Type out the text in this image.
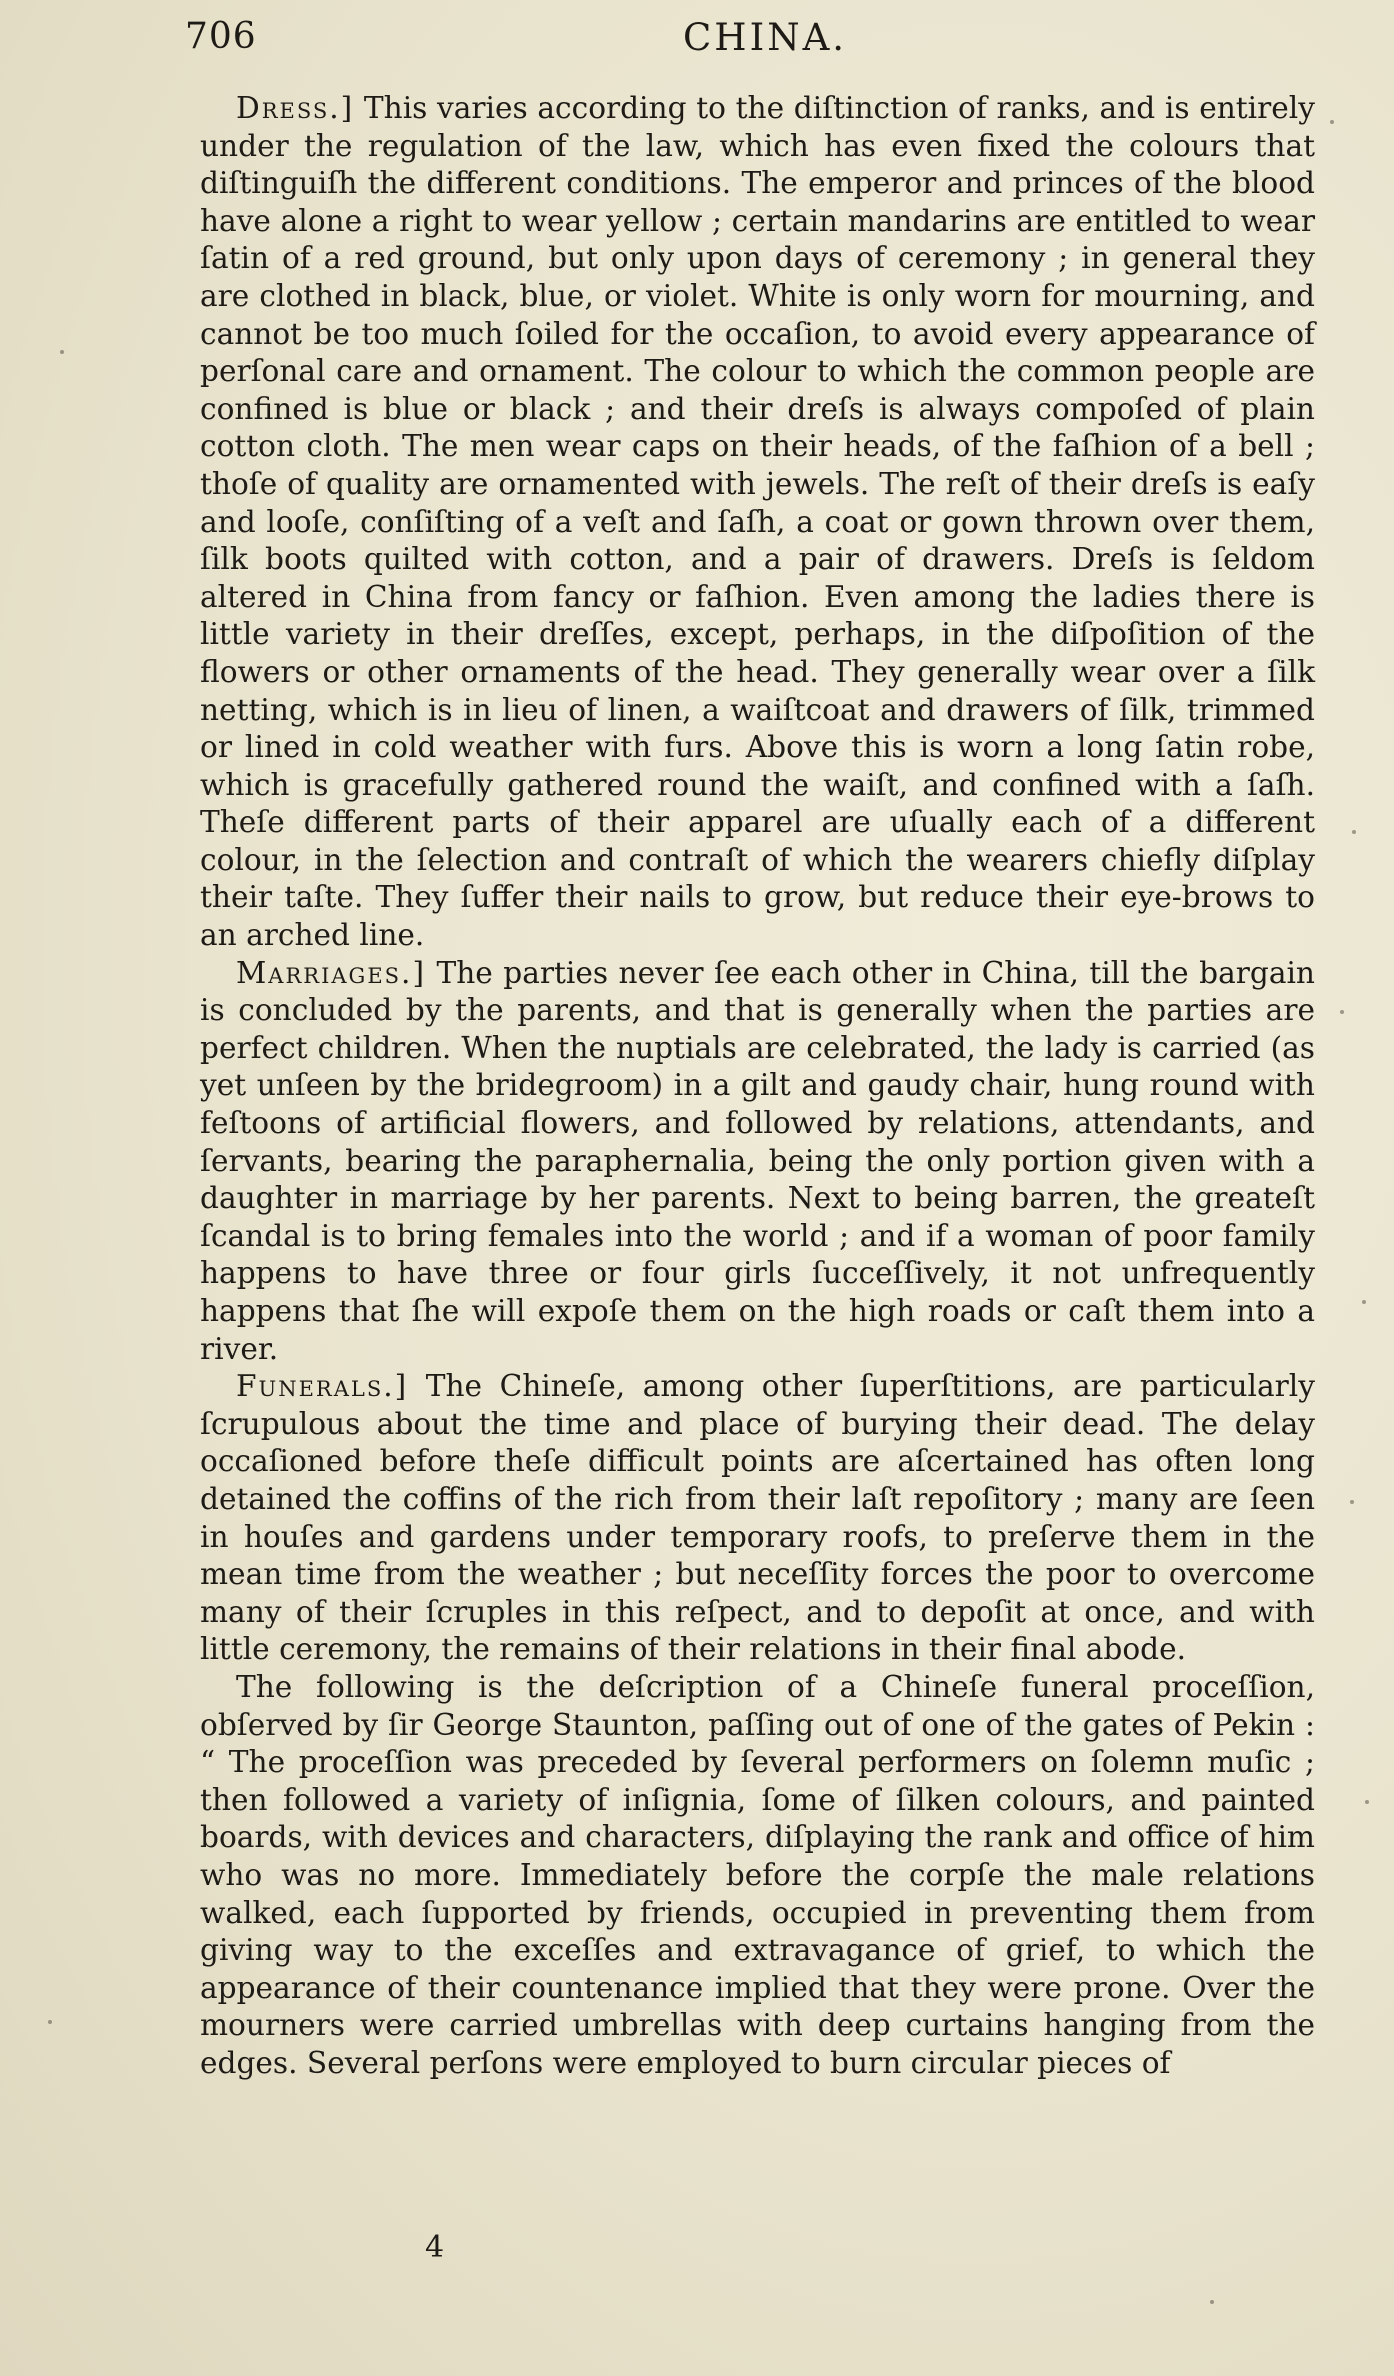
706	CHINA.

Dress.] This varies according to the diſtinction of ranks, and is entirely under the regulation of the law, which has even fixed the colours that diſtinguiſh the different conditions. The emperor and princes of the blood have alone a right to wear yellow ; certain mandarins are entitled to wear ſatin of a red ground, but only upon days of ceremony ; in general they are clothed in black, blue, or violet. White is only worn for mourning, and cannot be too much ſoiled for the occaſion, to avoid every appearance of perſonal care and ornament. The colour to which the common people are confined is blue or black ; and their dreſs is always compoſed of plain cotton cloth. The men wear caps on their heads, of the faſhion of a bell ; thoſe of quality are ornamented with jewels. The reſt of their dreſs is eaſy and looſe, conſiſting of a veſt and ſaſh, a coat or gown thrown over them, ſilk boots quilted with cotton, and a pair of drawers. Dreſs is ſeldom altered in China from fancy or faſhion. Even among the ladies there is little variety in their dreſſes, except, perhaps, in the diſpoſition of the flowers or other ornaments of the head. They generally wear over a ſilk netting, which is in lieu of linen, a waiſtcoat and drawers of ſilk, trimmed or lined in cold weather with furs. Above this is worn a long ſatin robe, which is gracefully gathered round the waiſt, and confined with a ſaſh. Theſe different parts of their apparel are uſually each of a different colour, in the ſelection and contraſt of which the wearers chiefly diſplay their taſte. They ſuffer their nails to grow, but reduce their eye-brows to an arched line.

Marriages.] The parties never ſee each other in China, till the bargain is concluded by the parents, and that is generally when the parties are perfect children. When the nuptials are celebrated, the lady is carried (as yet unſeen by the bridegroom) in a gilt and gaudy chair, hung round with feſtoons of artificial flowers, and followed by relations, attendants, and ſervants, bearing the paraphernalia, being the only portion given with a daughter in marriage by her parents. Next to being barren, the greateſt ſcandal is to bring females into the world ; and if a woman of poor family happens to have three or four girls ſucceſſively, it not unfrequently happens that ſhe will expoſe them on the high roads or caſt them into a river.

Funerals.] The Chineſe, among other ſuperſtitions, are particularly ſcrupulous about the time and place of burying their dead. The delay occaſioned before theſe difficult points are aſcertained has often long detained the coffins of the rich from their laſt repoſitory ; many are ſeen in houſes and gardens under temporary roofs, to preſerve them in the mean time from the weather ; but neceſſity forces the poor to overcome many of their ſcruples in this reſpect, and to depoſit at once, and with little ceremony, the remains of their relations in their final abode.

The following is the deſcription of a Chineſe funeral proceſſion, obſerved by ſir George Staunton, paſſing out of one of the gates of Pekin : “ The proceſſion was preceded by ſeveral performers on ſolemn muſic ; then followed a variety of inſignia, ſome of ſilken colours, and painted boards, with devices and characters, diſplaying the rank and office of him who was no more. Immediately before the corpſe the male relations walked, each ſupported by friends, occupied in preventing them from giving way to the exceſſes and extravagance of grief, to which the appearance of their countenance implied that they were prone. Over the mourners were carried umbrellas with deep curtains hanging from the edges. Several perſons were employed to burn circular pieces of

4
